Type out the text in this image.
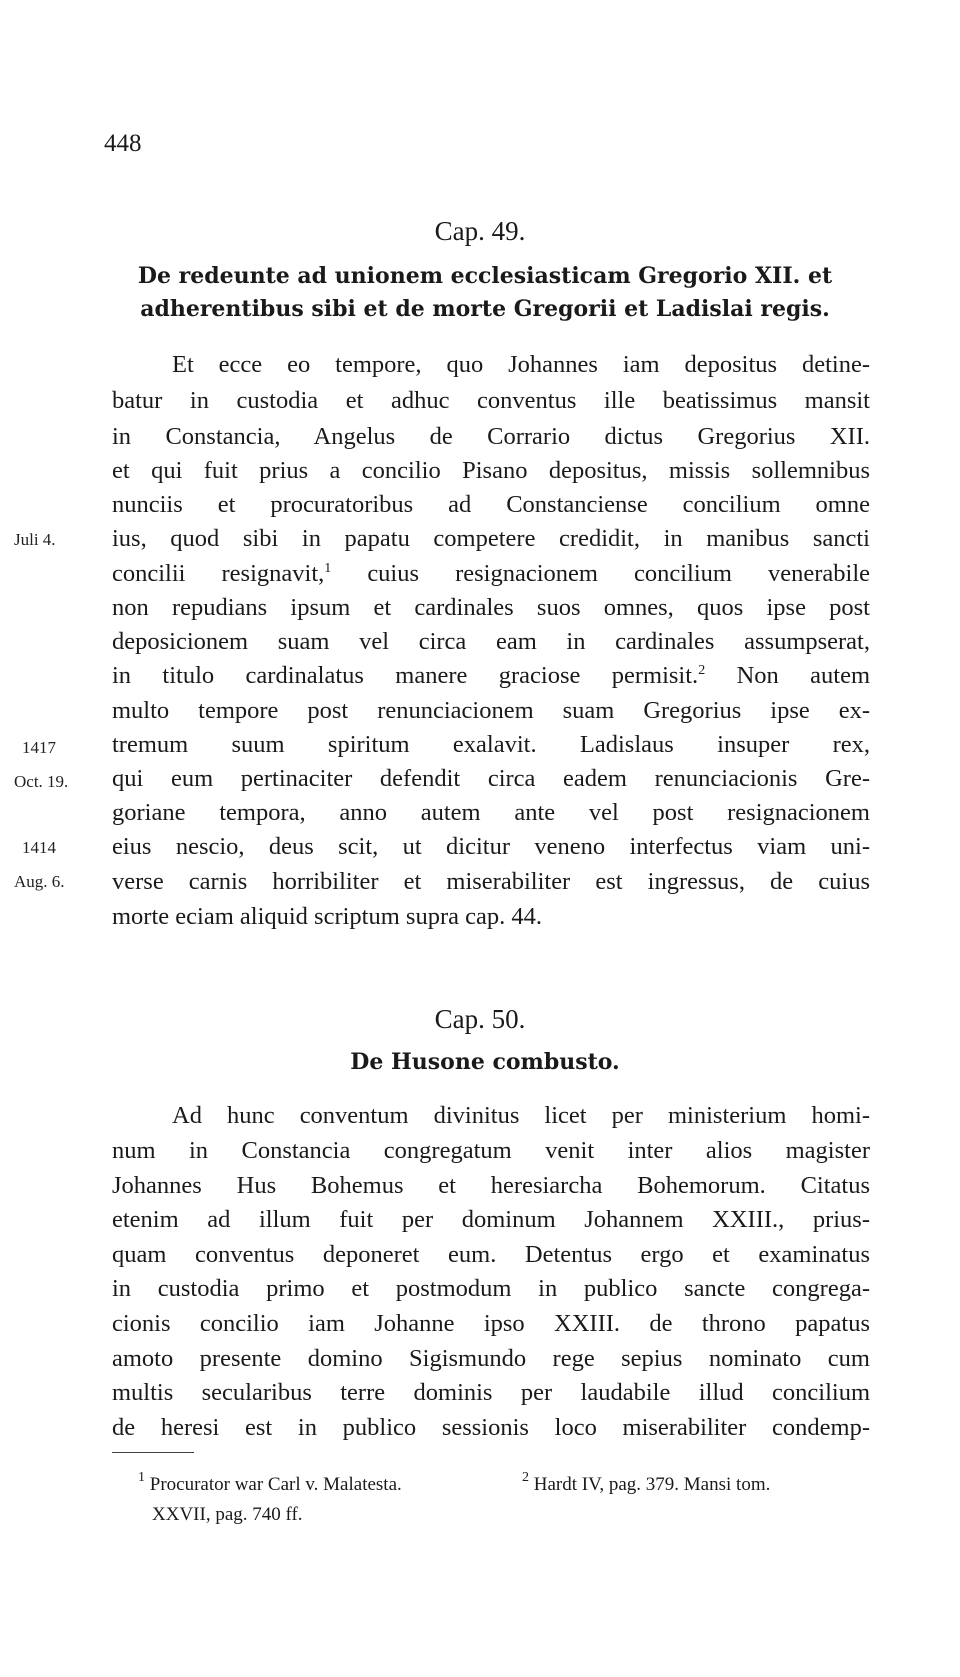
448
Cap. 49.
De redeunte ad unionem ecclesiasticam Gregorio XII. et
adherentibus sibi et de morte Gregorii et Ladislai regis.
Et ecce eo tempore, quo Johannes iam depositus detine-
batur in custodia et adhuc conventus ille beatissimus mansit
in Constancia, Angelus de Corrario dictus Gregorius XII.
et qui fuit prius a concilio Pisano depositus, missis sollemnibus
nunciis et procuratoribus ad Constanciense concilium omne
ius, quod sibi in papatu competere credidit, in manibus sancti
concilii resignavit,$^1$ cuius resignacionem concilium venerabile
non repudians ipsum et cardinales suos omnes, quos ipse post
deposicionem suam vel circa eam in cardinales assumpserat,
in titulo cardinalatus manere graciose permisit.$^2$ Non autem
multo tempore post renunciacionem suam Gregorius ipse ex-
tremum suum spiritum exalavit. Ladislaus insuper rex,
qui eum pertinaciter defendit circa eadem renunciacionis Gre-
goriane tempora, anno autem ante vel post resignacionem
eius nescio, deus scit, ut dicitur veneno interfectus viam uni-
verse carnis horribiliter et miserabiliter est ingressus, de cuius
morte eciam aliquid scriptum supra cap. 44.
Juli 4.
1417
Oct. 19.
1414
Aug. 6.
Cap. 50.
De Husone combusto.
Ad hunc conventum divinitus licet per ministerium homi-
num in Constancia congregatum venit inter alios magister
Johannes Hus Bohemus et heresiarcha Bohemorum. Citatus
etenim ad illum fuit per dominum Johannem XXIII., prius-
quam conventus deponeret eum. Detentus ergo et examinatus
in custodia primo et postmodum in publico sancte congrega-
cionis concilio iam Johanne ipso XXIII. de throno papatus
amoto presente domino Sigismundo rege sepius nominato cum
multis secularibus terre dominis per laudabile illud concilium
de heresi est in publico sessionis loco miserabiliter condemp-
$^1$ Procurator war Carl v. Malatesta.	$^2$ Hardt IV, pag. 379. Mansi tom.
XXVII, pag. 740 ff.
